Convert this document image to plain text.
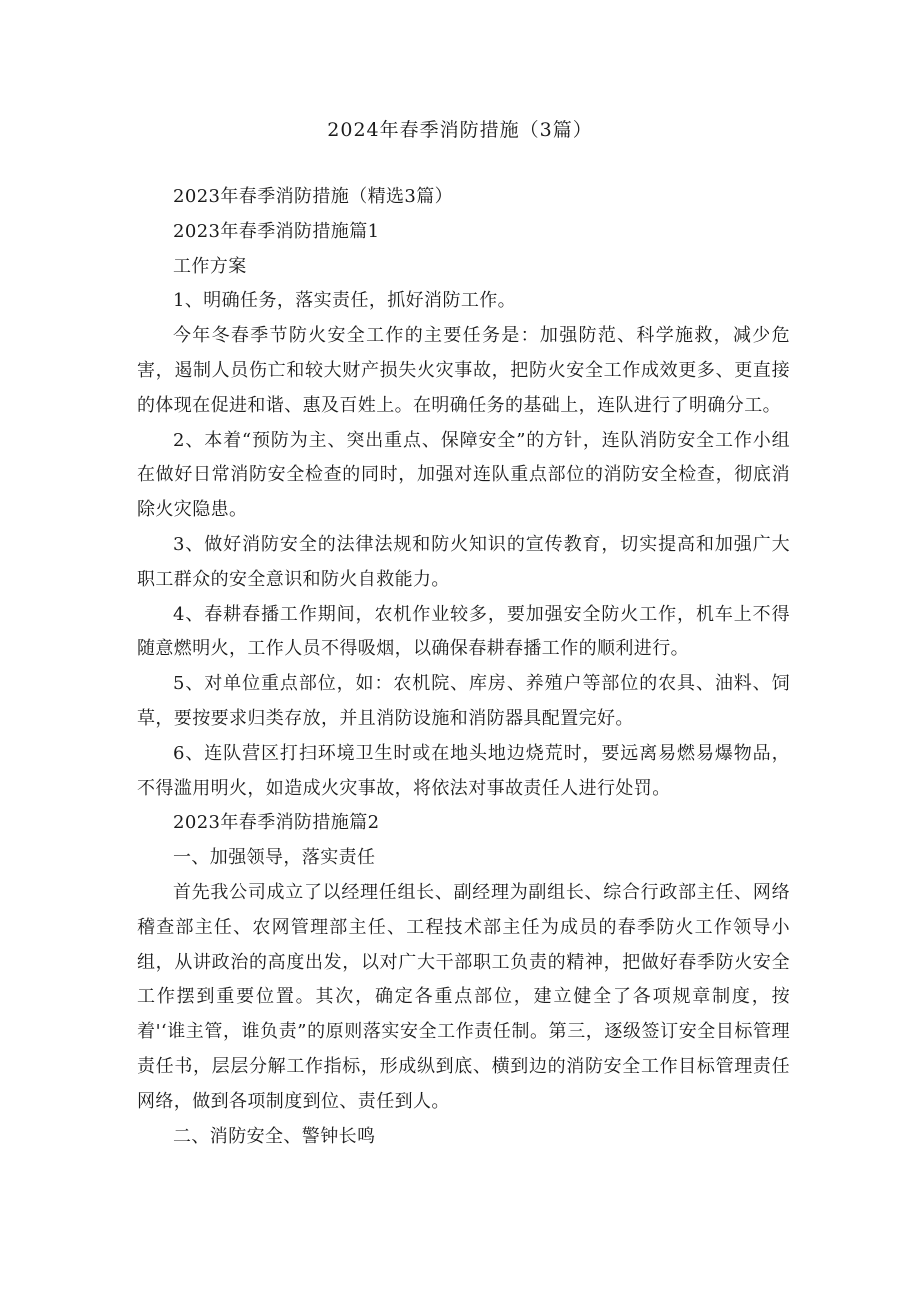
2024年春季消防措施（3篇）

2023年春季消防措施（精选3篇）

2023年春季消防措施篇1

工作方案

1、明确任务，落实责任，抓好消防工作。

今年冬春季节防火安全工作的主要任务是：加强防范、科学施救，减少危害，遏制人员伤亡和较大财产损失火灾事故，把防火安全工作成效更多、更直接的体现在促进和谐、惠及百姓上。在明确任务的基础上，连队进行了明确分工。

2、本着“预防为主、突出重点、保障安全”的方针，连队消防安全工作小组在做好日常消防安全检查的同时，加强对连队重点部位的消防安全检查，彻底消除火灾隐患。

3、做好消防安全的法律法规和防火知识的宣传教育，切实提高和加强广大职工群众的安全意识和防火自救能力。

4、春耕春播工作期间，农机作业较多，要加强安全防火工作，机车上不得随意燃明火，工作人员不得吸烟，以确保春耕春播工作的顺利进行。

5、对单位重点部位，如：农机院、库房、养殖户等部位的农具、油料、饲草，要按要求归类存放，并且消防设施和消防器具配置完好。

6、连队营区打扫环境卫生时或在地头地边烧荒时，要远离易燃易爆物品，不得滥用明火，如造成火灾事故，将依法对事故责任人进行处罚。

2023年春季消防措施篇2

一、加强领导，落实责任

首先我公司成立了以经理任组长、副经理为副组长、综合行政部主任、网络稽查部主任、农网管理部主任、工程技术部主任为成员的春季防火工作领导小组，从讲政治的高度出发，以对广大干部职工负责的精神，把做好春季防火安全工作摆到重要位置。其次，确定各重点部位，建立健全了各项规章制度，按着'‘谁主管，谁负责”的原则落实安全工作责任制。第三，逐级签订安全目标管理责任书，层层分解工作指标，形成纵到底、横到边的消防安全工作目标管理责任网络，做到各项制度到位、责任到人。

二、消防安全、警钟长鸣
